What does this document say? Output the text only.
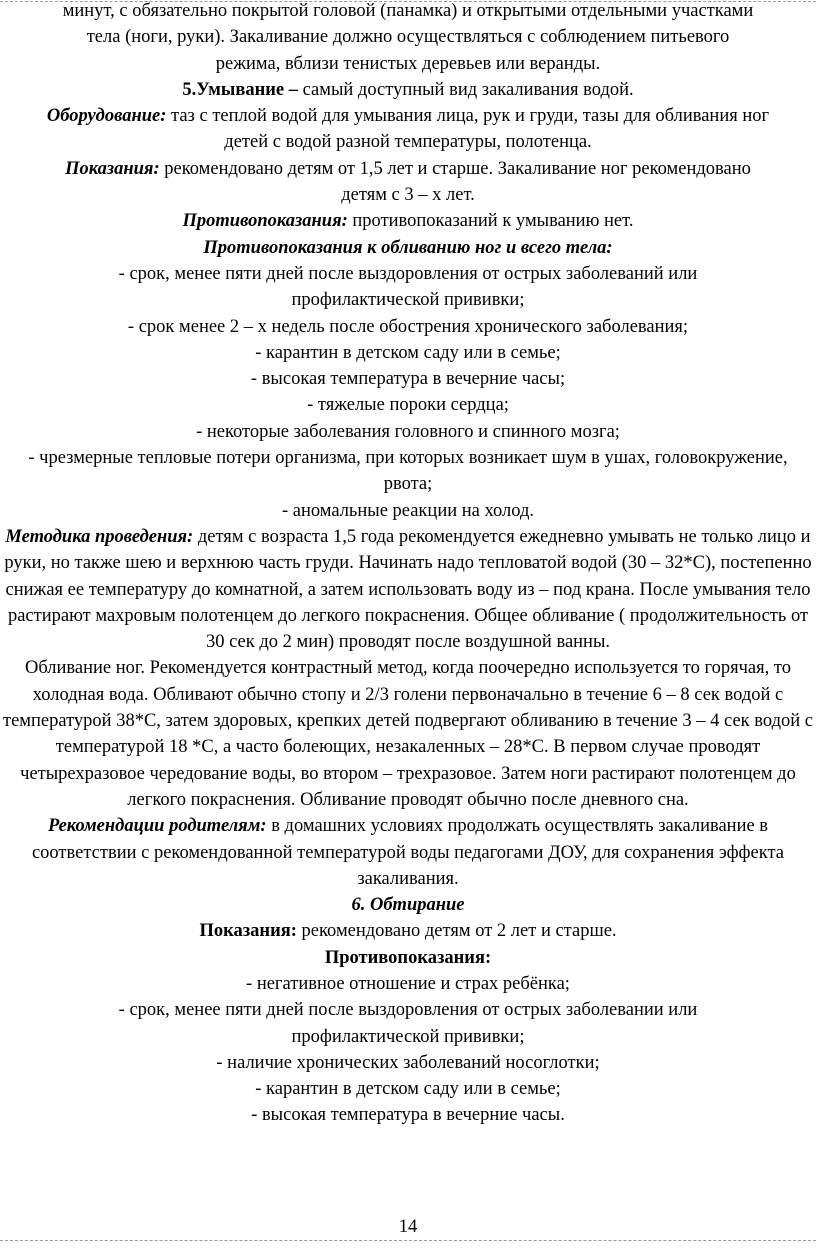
минут, с обязательно покрытой головой (панамка) и открытыми отдельными участками тела (ноги, руки). Закаливание должно осуществляться с соблюдением питьевого режима, вблизи тенистых деревьев или веранды.

5.Умывание – самый доступный вид закаливания водой.

Оборудование: таз с теплой водой для умывания лица, рук и груди, тазы для обливания ног детей с водой разной температуры, полотенца.

Показания: рекомендовано детям от 1,5 лет и старше. Закаливание ног рекомендовано детям с 3 – х лет.

Противопоказания: противопоказаний к умыванию нет.

Противопоказания к обливанию ног и всего тела:

- срок, менее пяти дней после выздоровления от острых заболеваний или профилактической прививки;

- срок менее 2 – х недель после обострения хронического заболевания;

- карантин в детском саду или в семье;

- высокая температура в вечерние часы;

- тяжелые пороки сердца;

- некоторые заболевания головного и спинного мозга;

- чрезмерные тепловые потери организма, при которых возникает шум в ушах, головокружение, рвота;

- аномальные реакции на холод.

Методика проведения: детям с возраста 1,5 года рекомендуется ежедневно умывать не только лицо и руки, но также шею и верхнюю часть груди. Начинать надо тепловатой водой (30 – 32*С), постепенно снижая ее температуру до комнатной, а затем использовать воду из – под крана. После умывания тело растирают махровым полотенцем до легкого покраснения. Общее обливание ( продолжительность от 30 сек до 2 мин) проводят после воздушной ванны.

Обливание ног. Рекомендуется контрастный метод, когда поочередно используется то горячая, то холодная вода. Обливают обычно стопу и 2/3 голени первоначально в течение 6 – 8 сек водой с температурой 38*С, затем здоровых, крепких детей подвергают обливанию в течение 3 – 4 сек водой с температурой 18 *С, а часто болеющих, незакаленных – 28*С. В первом случае проводят четырехразовое чередование воды, во втором – трехразовое. Затем ноги растирают полотенцем до легкого покраснения. Обливание проводят обычно после дневного сна.

Рекомендации родителям: в домашних условиях продолжать осуществлять закаливание в соответствии с рекомендованной температурой воды педагогами ДОУ, для сохранения эффекта закаливания.

6. Обтирание

Показания: рекомендовано детям от 2 лет и старше.

Противопоказания:

- негативное отношение и страх ребёнка;

- срок, менее пяти дней после выздоровления от острых заболевании или профилактической прививки;

- наличие хронических заболеваний носоглотки;

- карантин в детском саду или в семье;

- высокая температура в вечерние часы.

14
